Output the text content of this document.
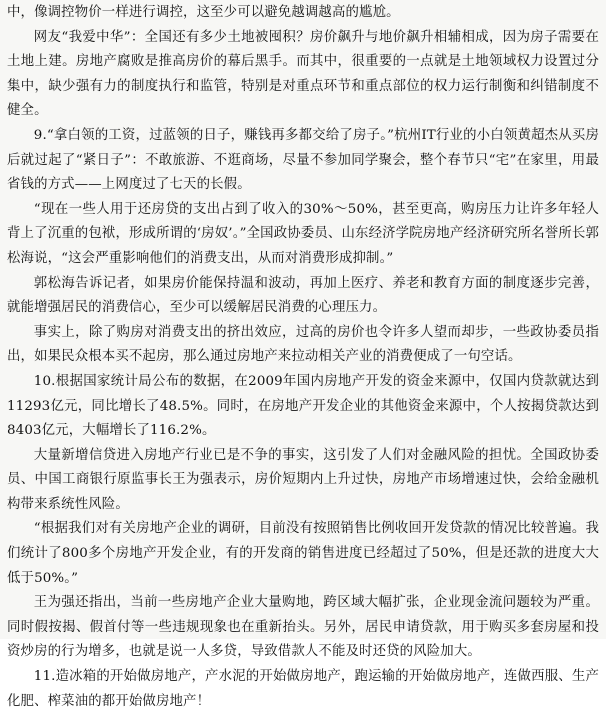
中，像调控物价一样进行调控，这至少可以避免越调越高的尴尬。

网友“我爱中华”：全国还有多少土地被囤积？房价飙升与地价飙升相辅相成，因为房子需要在土地上建。房地产腐败是推高房价的幕后黑手。而其中，很重要的一点就是土地领域权力设置过分集中，缺少强有力的制度执行和监管，特别是对重点环节和重点部位的权力运行制衡和纠错制度不健全。

9.“拿白领的工资，过蓝领的日子，赚钱再多都交给了房子。”杭州IT行业的小白领黄超杰从买房后就过起了“紧日子”：不敢旅游、不逛商场，尽量不参加同学聚会，整个春节只“宅”在家里，用最省钱的方式——上网度过了七天的长假。

“现在一些人用于还房贷的支出占到了收入的30%～50%，甚至更高，购房压力让许多年轻人背上了沉重的包袱，形成所谓的‘房奴’。”全国政协委员、山东经济学院房地产经济研究所名誉所长郭松海说，“这会严重影响他们的消费支出，从而对消费形成抑制。”

郭松海告诉记者，如果房价能保持温和波动，再加上医疗、养老和教育方面的制度逐步完善，就能增强居民的消费信心，至少可以缓解居民消费的心理压力。

事实上，除了购房对消费支出的挤出效应，过高的房价也令许多人望而却步，一些政协委员指出，如果民众根本买不起房，那么通过房地产来拉动相关产业的消费便成了一句空话。

10.根据国家统计局公布的数据，在2009年国内房地产开发的资金来源中，仅国内贷款就达到11293亿元，同比增长了48.5%。同时，在房地产开发企业的其他资金来源中，个人按揭贷款达到8403亿元，大幅增长了116.2%。

大量新增信贷进入房地产行业已是不争的事实，这引发了人们对金融风险的担忧。全国政协委员、中国工商银行原监事长王为强表示，房价短期内上升过快，房地产市场增速过快，会给金融机构带来系统性风险。

“根据我们对有关房地产企业的调研，目前没有按照销售比例收回开发贷款的情况比较普遍。我们统计了800多个房地产开发企业，有的开发商的销售进度已经超过了50%，但是还款的进度大大低于50%。”

王为强还指出，当前一些房地产企业大量购地，跨区域大幅扩张，企业现金流问题较为严重。同时假按揭、假首付等一些违规现象也在重新抬头。另外，居民申请贷款，用于购买多套房屋和投资炒房的行为增多，也就是说一人多贷，导致借款人不能及时还贷的风险加大。

11.造冰箱的开始做房地产，产水泥的开始做房地产，跑运输的开始做房地产，连做西服、生产化肥、榨菜油的都开始做房地产！
